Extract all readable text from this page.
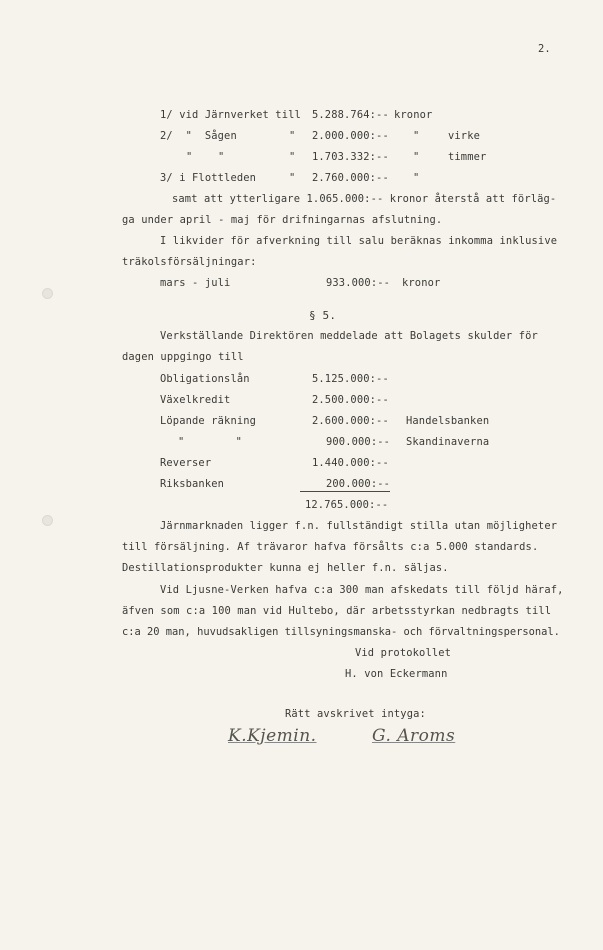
2.
1/ vid Järnverket till 5.288.764:-- kronor
2/  "  Sågen	" 2.000.000:-- "	virke
"    "	" 1.703.332:-- "	timmer
3/ i Flottleden	" 2.760.000:-- "
samt att ytterligare 1.065.000:-- kronor återstå att förläg-
ga under april - maj för drifningarnas afslutning.
I likvider för afverkning till salu beräknas inkomma inklusive
träkolsförsäljningar:
mars - juli	933.000:-- kronor
§ 5.
Verkställande Direktören meddelade att Bolagets skulder för
dagen uppgingo till
Obligationslån	5.125.000:--
Växelkredit	2.500.000:--
Löpande räkning	2.600.000:-- Handelsbanken
"        "	900.000:-- Skandinaverna
Reverser	1.440.000:--
Riksbanken	200.000:--
12.765.000:--
Järnmarknaden ligger f.n. fullständigt stilla utan möjligheter
till försäljning. Af trävaror hafva försålts c:a 5.000 standards.
Destillationsprodukter kunna ej heller f.n. säljas.
Vid Ljusne-Verken hafva c:a 300 man afskedats till följd häraf,
äfven som c:a 100 man vid Hultebo, där arbetsstyrkan nedbragts till
c:a 20 man, huvudsakligen tillsyningsmanska- och förvaltningspersonal.
Vid protokollet
H. von Eckermann
Rätt avskrivet intyga:
K.Kjemin.	G. Aroms
